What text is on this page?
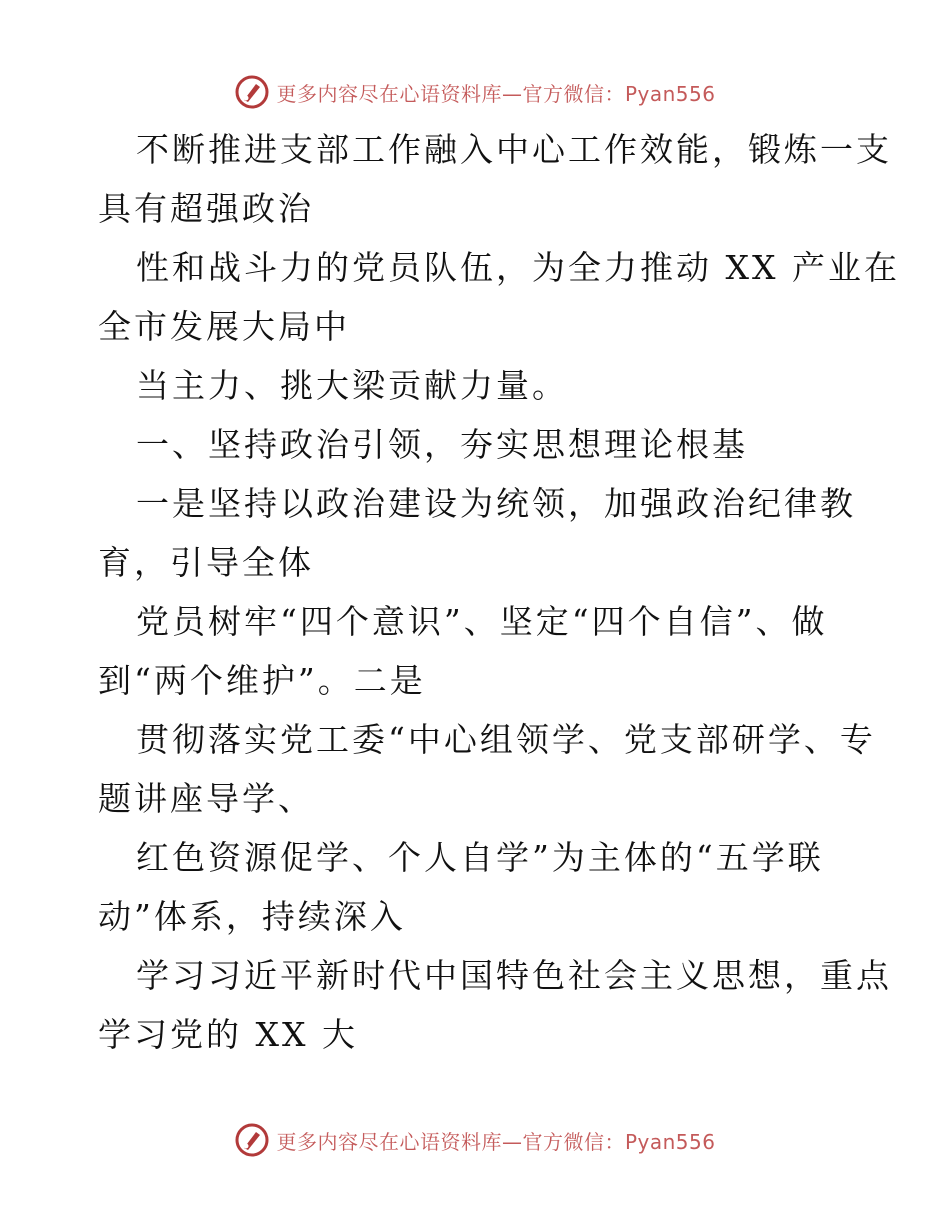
更多内容尽在心语资料库—官方微信：Pyan556
不断推进支部工作融入中心工作效能，锻炼一支
具有超强政治
性和战斗力的党员队伍，为全力推动 XX 产业在
全市发展大局中
当主力、挑大梁贡献力量。
一、坚持政治引领，夯实思想理论根基
一是坚持以政治建设为统领，加强政治纪律教
育，引导全体
党员树牢“四个意识”、坚定“四个自信”、做
到“两个维护”。二是
贯彻落实党工委“中心组领学、党支部研学、专
题讲座导学、
红色资源促学、个人自学”为主体的“五学联
动”体系，持续深入
学习习近平新时代中国特色社会主义思想，重点
学习党的 XX 大
更多内容尽在心语资料库—官方微信：Pyan556
